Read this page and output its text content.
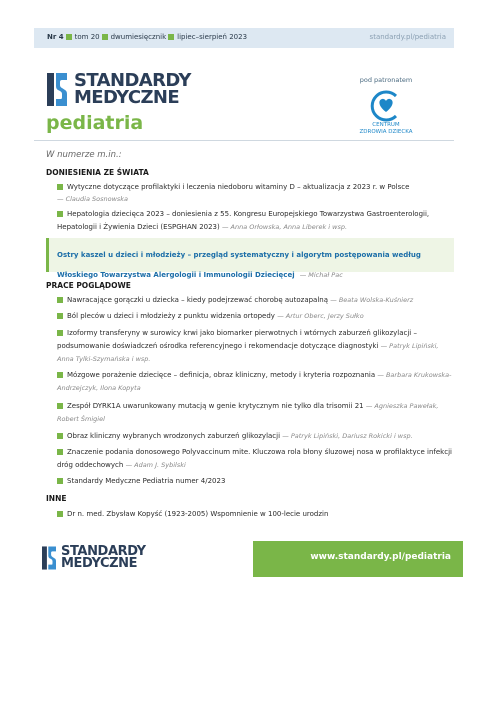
Nr 4 tom 20 dwumiesięcznik lipiec–sierpień 2023	standardy.pl/pediatria
STANDARDY
MEDYCZNE
pediatria
pod patronatem
CENTRUM
ZDROWIA DZIECKA
W numerze m.in.:
DONIESIENIA ZE ŚWIATA
Wytyczne dotyczące profilaktyki i leczenia niedoboru witaminy D – aktualizacja z 2023 r. w Polsce
— Claudia Sosnowska
Hepatologia dziecięca 2023 – doniesienia z 55. Kongresu Europejskiego Towarzystwa Gastroenterologii, Hepatologii i Żywienia Dzieci (ESPGHAN 2023) — Anna Orłowska, Anna Liberek i wsp.
Ostry kaszel u dzieci i młodzieży – przegląd systematyczny i algorytm postępowania według Włoskiego Towarzystwa Alergologii i Immunologii Dziecięcej — Michał Pac
PRACE POGLĄDOWE
Nawracające gorączki u dziecka – kiedy podejrzewać chorobę autozapalną — Beata Wolska-Kuśnierz
Ból pleców u dzieci i młodzieży z punktu widzenia ortopedy — Artur Oberc, Jerzy Sułko
Izoformy transferyny w surowicy krwi jako biomarker pierwotnych i wtórnych zaburzeń glikozylacji – podsumowanie doświadczeń ośrodka referencyjnego i rekomendacje dotyczące diagnostyki — Patryk Lipiński, Anna Tylki-Szymańska i wsp.
Mózgowe porażenie dziecięce – definicja, obraz kliniczny, metody i kryteria rozpoznania — Barbara Krukowska-Andrzejczyk, Ilona Kopyta
Zespół DYRK1A uwarunkowany mutacją w genie krytycznym nie tylko dla trisomii 21 — Agnieszka Pawełak, Robert Śmigiel
Obraz kliniczny wybranych wrodzonych zaburzeń glikozylacji — Patryk Lipiński, Dariusz Rokicki i wsp.
Znaczenie podania donosowego Polyvaccinum mite. Kluczowa rola błony śluzowej nosa w profilaktyce infekcji dróg oddechowych — Adam J. Sybilski
Standardy Medyczne Pediatria numer 4/2023
INNE
Dr n. med. Zbysław Kopyść (1923-2005) Wspomnienie w 100-lecie urodzin
STANDARDY
MEDYCZNE	www.standardy.pl/pediatria
